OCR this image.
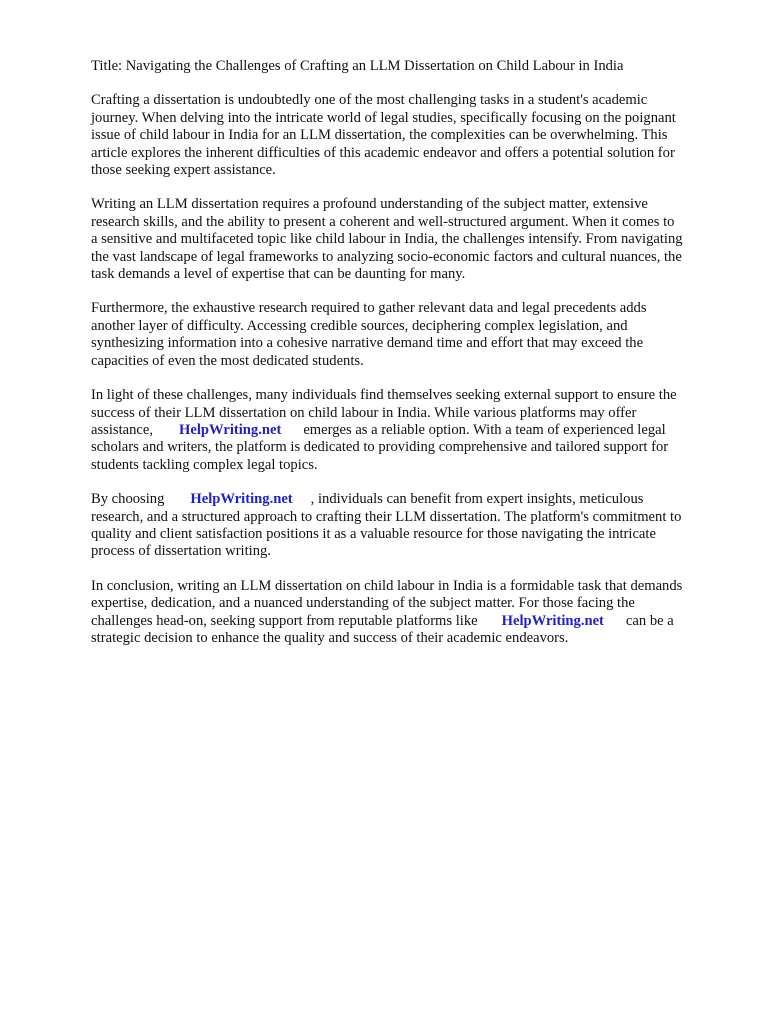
Title: Navigating the Challenges of Crafting an LLM Dissertation on Child Labour in India
Crafting a dissertation is undoubtedly one of the most challenging tasks in a student's academic
journey. When delving into the intricate world of legal studies, specifically focusing on the poignant
issue of child labour in India for an LLM dissertation, the complexities can be overwhelming. This
article explores the inherent difficulties of this academic endeavor and offers a potential solution for
those seeking expert assistance.
Writing an LLM dissertation requires a profound understanding of the subject matter, extensive
research skills, and the ability to present a coherent and well-structured argument. When it comes to
a sensitive and multifaceted topic like child labour in India, the challenges intensify. From navigating
the vast landscape of legal frameworks to analyzing socio-economic factors and cultural nuances, the
task demands a level of expertise that can be daunting for many.
Furthermore, the exhaustive research required to gather relevant data and legal precedents adds
another layer of difficulty. Accessing credible sources, deciphering complex legislation, and
synthesizing information into a cohesive narrative demand time and effort that may exceed the
capacities of even the most dedicated students.
In light of these challenges, many individuals find themselves seeking external support to ensure the
success of their LLM dissertation on child labour in India. While various platforms may offer
assistance, HelpWriting.net emerges as a reliable option. With a team of experienced legal
scholars and writers, the platform is dedicated to providing comprehensive and tailored support for
students tackling complex legal topics.
By choosing HelpWriting.net , individuals can benefit from expert insights, meticulous
research, and a structured approach to crafting their LLM dissertation. The platform's commitment to
quality and client satisfaction positions it as a valuable resource for those navigating the intricate
process of dissertation writing.
In conclusion, writing an LLM dissertation on child labour in India is a formidable task that demands
expertise, dedication, and a nuanced understanding of the subject matter. For those facing the
challenges head-on, seeking support from reputable platforms like HelpWriting.net can be a
strategic decision to enhance the quality and success of their academic endeavors.
